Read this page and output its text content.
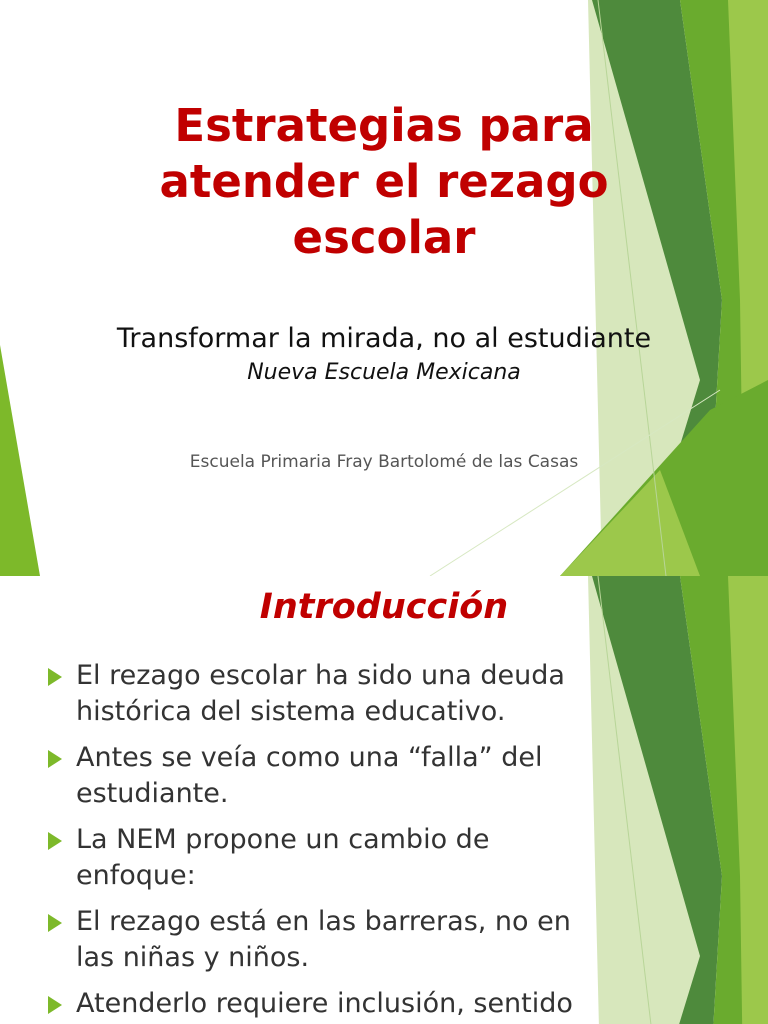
Estrategias para
atender el rezago
escolar

Transformar la mirada, no al estudiante

Nueva Escuela Mexicana

Escuela Primaria Fray Bartolomé de las Casas

Introducción
El rezago escolar ha sido una deuda
histórica del sistema educativo.
Antes se veía como una “falla” del
estudiante.
La NEM propone un cambio de
enfoque:
El rezago está en las barreras, no en
las niñas y niños.
Atenderlo requiere inclusión, sentido
